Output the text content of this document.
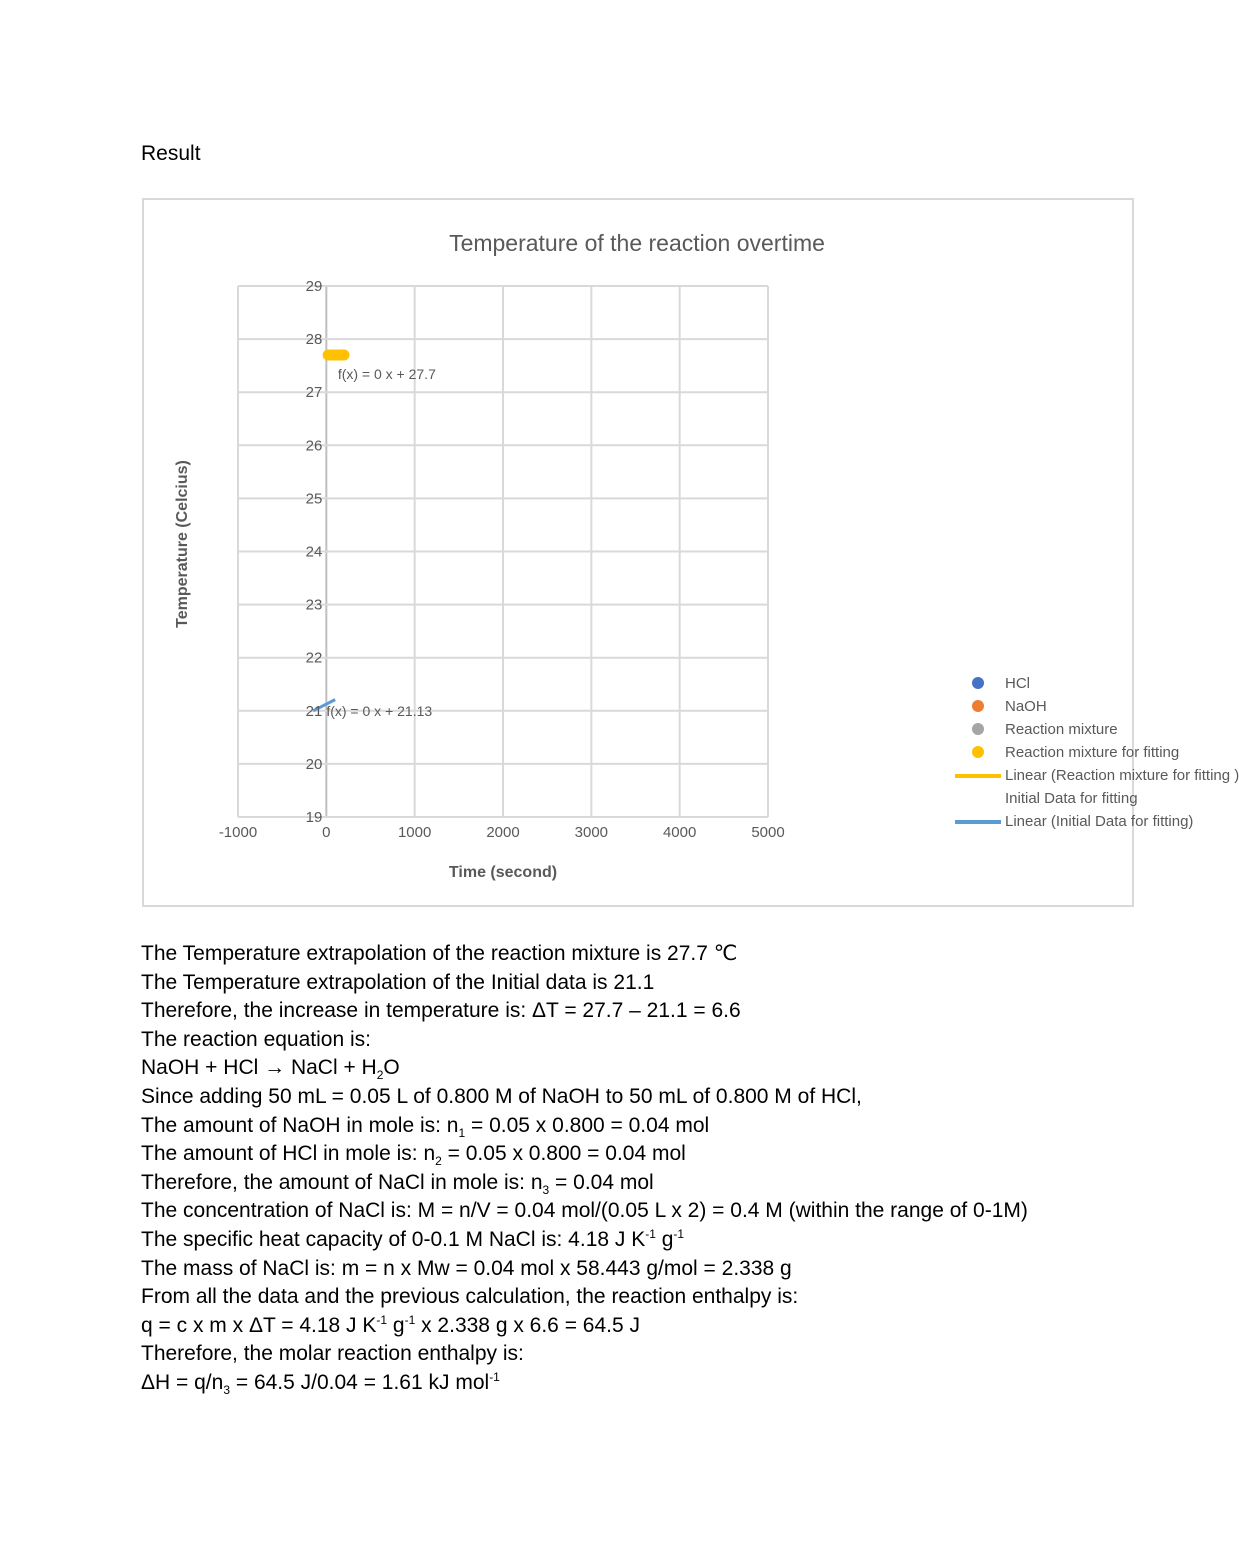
Result
Temperature of the reaction overtime
-1000	0	1000	2000	3000	4000	5000
19
20
21
22
23
24
25
26
27
28
29
f(x) = 0 x + 27.7
f(x) = 0 x + 21.13
Time (second)
Temperature (Celcius)
HCl
NaOH
Reaction mixture
Reaction mixture for fitting
Linear (Reaction mixture for fitting )
Initial Data for fitting
Linear (Initial Data for fitting)
The Temperature extrapolation of the reaction mixture is 27.7 ℃
The Temperature extrapolation of the Initial data is 21.1
Therefore, the increase in temperature is: ΔT = 27.7 – 21.1 = 6.6
The reaction equation is:
NaOH + HCl → NaCl + $H_2O$
Since adding 50 mL = 0.05 L of 0.800 M of NaOH to 50 mL of 0.800 M of HCl,
The amount of NaOH in mole is: $n_1 = 0.05$ x 0.800 = 0.04 mol
The amount of HCl in mole is: $n_2 = 0.05$ x 0.800 = 0.04 mol
Therefore, the amount of NaCl in mole is: $n_3 = 0.04$ mol
The concentration of NaCl is: M = n/V = 0.04 mol/(0.05 L x 2) = 0.4 M (within the range of 0-1M)
The specific heat capacity of 0-0.1 M NaCl is: 4.18 J $K^{-1}$ $g^{-1}$
The mass of NaCl is: m = n x Mw = 0.04 mol x 58.443 g/mol = 2.338 g
From all the data and the previous calculation, the reaction enthalpy is:
q = c x m x ΔT = 4.18 J $K^{-1}$ $g^{-1}$ x 2.338 g x 6.6 = 64.5 J
Therefore, the molar reaction enthalpy is:
$\Delta H = q/n_3 = 64.5$ J/0.04 = 1.61 kJ mol$^{-1}$
